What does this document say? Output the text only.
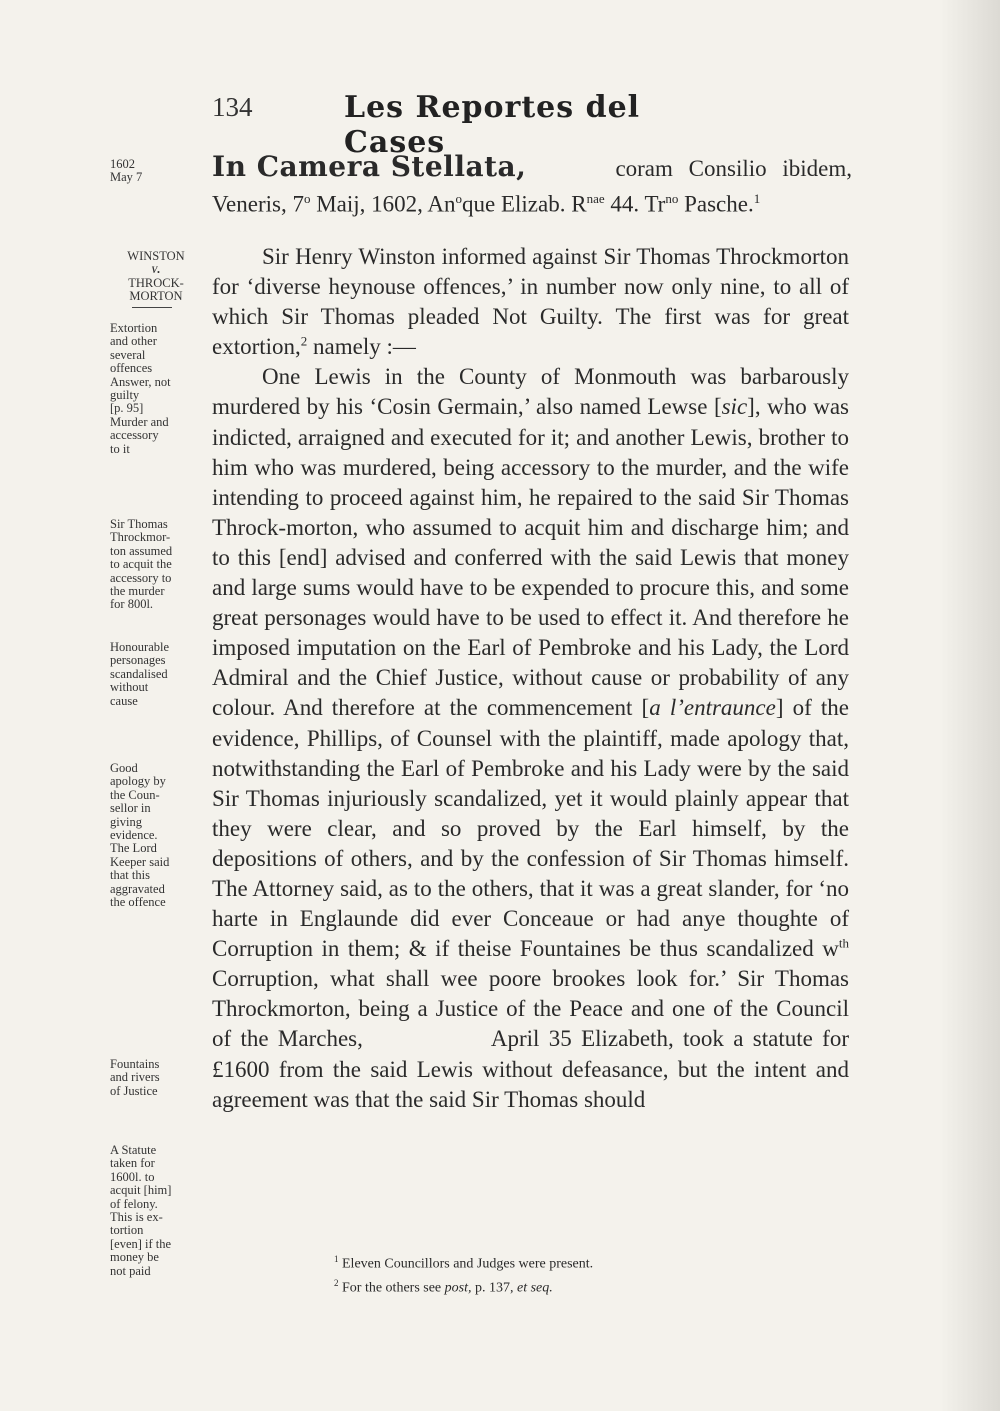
134	Les Reportes del Cases
In Camera Stellata,	coram Consilio ibidem,
Veneris, 7$^o$ Maij, 1602, An$^o$que Elizab. $R^{nae}$ 44. $Tr^{no}$ Pasche.$^1$
1602
May 7
WINSTON
v.
THROCK-
MORTON
Extortion
and other
several
offences
Answer, not
guilty
[p. 95]
Murder and
accessory
to it
Sir Thomas
Throckmor-
ton assumed
to acquit the
accessory to
the murder
for 800l.
Honourable
personages
scandalised
without
cause
Good
apology by
the Coun-
sellor in
giving
evidence.
The Lord
Keeper said
that this
aggravated
the offence
Fountains
and rivers
of Justice
A Statute
taken for
1600l. to
acquit [him]
of felony.
This is ex-
tortion
[even] if the
money be
not paid

Sir Henry Winston informed against Sir Thomas Throckmorton for ‘diverse heynouse offences,’ in number now only nine, to all of which Sir Thomas pleaded Not Guilty. The first was for great extortion,$^2$ namely :—

One Lewis in the County of Monmouth was barbarously murdered by his ‘Cosin Germain,’ also named Lewse [sic], who was indicted, arraigned and executed for it; and another Lewis, brother to him who was murdered, being accessory to the murder, and the wife intending to proceed against him, he repaired to the said Sir Thomas Throck-morton, who assumed to acquit him and discharge him; and to this [end] advised and conferred with the said Lewis that money and large sums would have to be expended to procure this, and some great personages would have to be used to effect it. And therefore he imposed imputation on the Earl of Pembroke and his Lady, the Lord Admiral and the Chief Justice, without cause or probability of any colour. And therefore at the commencement [a l’entraunce] of the evidence, Phillips, of Counsel with the plaintiff, made apology that, notwithstanding the Earl of Pembroke and his Lady were by the said Sir Thomas injuriously scandalized, yet it would plainly appear that they were clear, and so proved by the Earl himself, by the depositions of others, and by the confession of Sir Thomas himself. The Attorney said, as to the others, that it was a great slander, for ‘no harte in Englaunde did ever Conceaue or had anye thoughte of Corruption in them; & if theise Fountaines be thus scandalized $w^{th}$ Corruption, what shall wee poore brookes look for.’ Sir Thomas Throckmorton, being a Justice of the Peace and one of the Council of the Marches,	April 35 Elizabeth, took a statute for £1600 from the said Lewis without defeasance, but the intent and agreement was that the said Sir Thomas should

$^1$ Eleven Councillors and Judges were present.
$^2$ For the others see post, p. 137, et seq.
